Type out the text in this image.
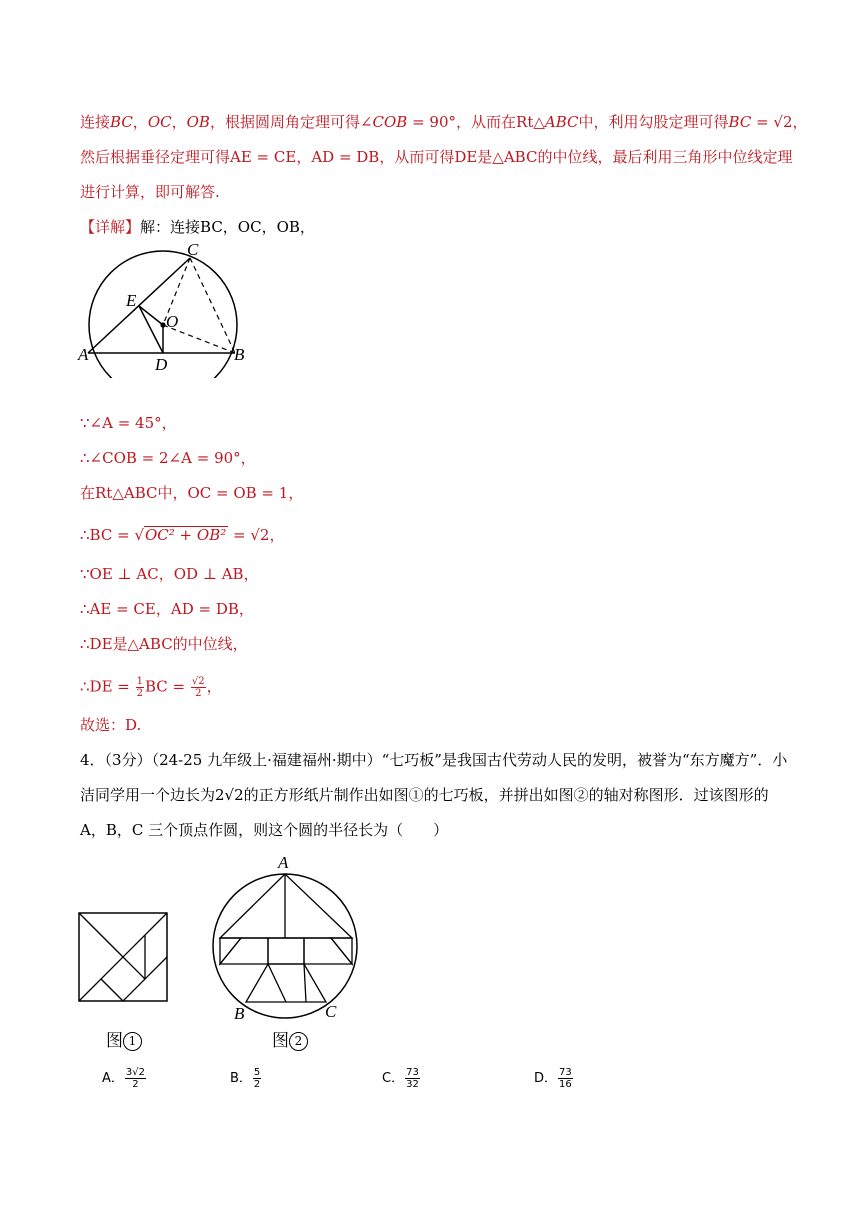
连接BC，OC，OB，根据圆周角定理可得∠COB = 90°，从而在Rt△ABC中，利用勾股定理可得BC = √2，
然后根据垂径定理可得AE = CE，AD = DB，从而可得DE是△ABC的中位线，最后利用三角形中位线定理
进行计算，即可解答.
【详解】解：连接BC，OC，OB，
C
E
O
A
D
B
∵∠A = 45°，
∴∠COB = 2∠A = 90°，
在Rt△ABC中，OC = OB = 1，
∴BC = √OC² + OB² = √2，
∵OE ⊥ AC，OD ⊥ AB，
∴AE = CE，AD = DB，
∴DE是△ABC的中位线，
∴DE = $\frac{1}{2}$ BC = $\frac{√2}{2}$ ，
故选：D.
4．（3分）（24-25 九年级上·福建福州·期中）“七巧板”是我国古代劳动人民的发明，被誉为“东方魔方”．小
洁同学用一个边长为2√2的正方形纸片制作出如图①的七巧板，并拼出如图②的轴对称图形．过该图形的
A，B，C 三个顶点作圆，则这个圆的半径长为（　　）
A
B	C
图 1	图 2
A． $\frac{3√2}{2}$	B． $\frac{5}{2}$	C． $\frac{73}{32}$	D． $\frac{73}{16}$
